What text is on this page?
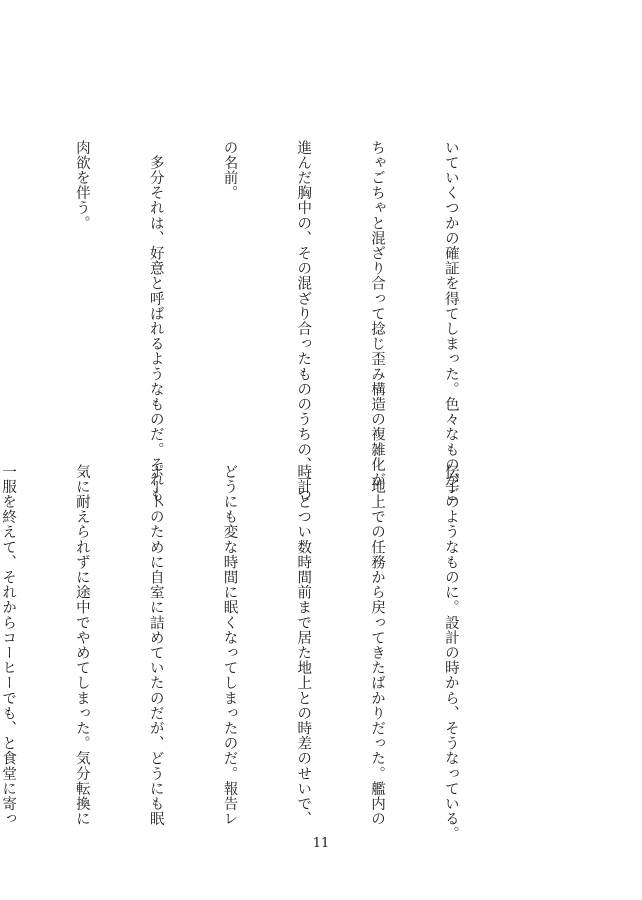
いていくつかの確証を得てしまった。色々なものがご

ちゃごちゃと混ざり合って捻じ歪み構造の複雑化が

進んだ胸中の、その混ざり合ったもののうちの、一つ

の名前。

　多分それは、好意と呼ばれるようなものだ。それも、

肉欲を伴う。

伝子のようなものに。設計の時から、そうなっている。

　地上での任務から戻ってきたばかりだった。艦内の

時計とつい数時間前まで居た地上との時差のせいで、

どうにも変な時間に眠くなってしまったのだ。報告レ

ポートのために自室に詰めていたのだが、どうにも眠

気に耐えられずに途中でやめてしまった。気分転換に

一服を終えて、それからコーヒーでも、と食堂に寄っ

11
